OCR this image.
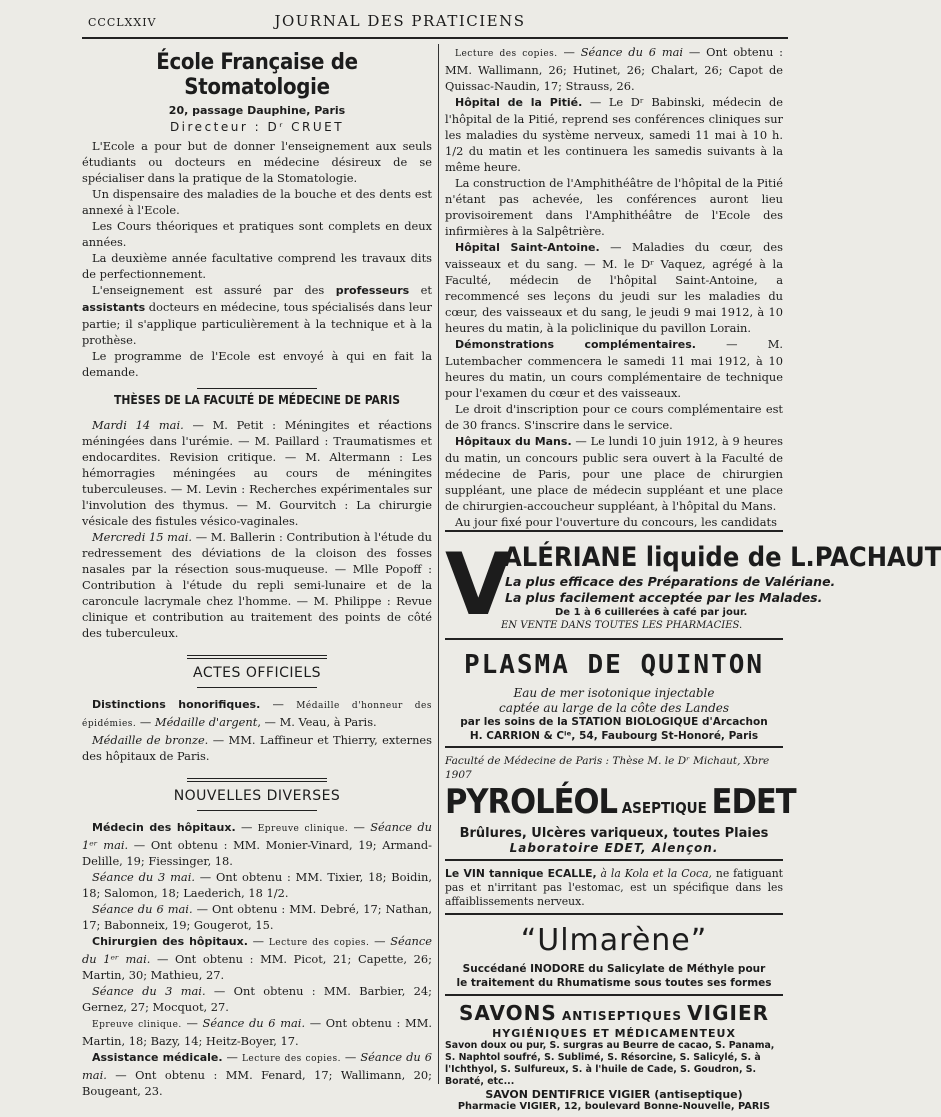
CCCLXXIV	JOURNAL DES PRATICIENS
École Française de Stomatologie
20, passage Dauphine, Paris
Directeur : Dʳ CRUET

L'Ecole a pour but de donner l'enseignement aux seuls étudiants ou docteurs en médecine désireux de se spécialiser dans la pratique de la Stomatologie.

Un dispensaire des maladies de la bouche et des dents est annexé à l'Ecole.

Les Cours théoriques et pratiques sont complets en deux années.

La deuxième année facultative comprend les travaux dits de perfectionnement.

L'enseignement est assuré par des professeurs et assistants docteurs en médecine, tous spécialisés dans leur partie; il s'applique particulièrement à la technique et à la prothèse.

Le programme de l'Ecole est envoyé à qui en fait la demande.

THÈSES DE LA FACULTÉ DE MÉDECINE DE PARIS

Mardi 14 mai. — M. Petit : Méningites et réactions méningées dans l'urémie. — M. Paillard : Traumatismes et endocardites. Revision critique. — M. Altermann : Les hémorragies méningées au cours de méningites tuberculeuses. — M. Levin : Recherches expérimentales sur l'involution des thymus. — M. Gourvitch : La chirurgie vésicale des fistules vésico-vaginales.

Mercredi 15 mai. — M. Ballerin : Contribution à l'étude du redressement des déviations de la cloison des fosses nasales par la résection sous-muqueuse. — Mlle Popoff : Contribution à l'étude du repli semi-lunaire et de la caroncule lacrymale chez l'homme. — M. Philippe : Revue clinique et contribution au traitement des points de côté des tuberculeux.

ACTES OFFICIELS

Distinctions honorifiques. — Médaille d'honneur des épidémies. — Médaille d'argent, — M. Veau, à Paris.

Médaille de bronze. — MM. Laffineur et Thierry, externes des hôpitaux de Paris.

NOUVELLES DIVERSES

Médecin des hôpitaux. — Epreuve clinique. — Séance du 1ᵉʳ mai. — Ont obtenu : MM. Monier-Vinard, 19; Armand-Delille, 19; Fiessinger, 18.

Séance du 3 mai. — Ont obtenu : MM. Tixier, 18; Boidin, 18; Salomon, 18; Laederich, 18 1/2.

Séance du 6 mai. — Ont obtenu : MM. Debré, 17; Nathan, 17; Babonneix, 19; Gougerot, 15.

Chirurgien des hôpitaux. — Lecture des copies. — Séance du 1ᵉʳ mai. — Ont obtenu : MM. Picot, 21; Capette, 26; Martin, 30; Mathieu, 27.

Séance du 3 mai. — Ont obtenu : MM. Barbier, 24; Gernez, 27; Mocquot, 27.

Epreuve clinique. — Séance du 6 mai. — Ont obtenu : MM. Martin, 18; Bazy, 14; Heitz-Boyer, 17.

Assistance médicale. — Lecture des copies. — Séance du 6 mai. — Ont obtenu : MM. Fenard, 17; Wallimann, 20; Bougeant, 23.

Lecture des copies. — Séance du 6 mai — Ont obtenu : MM. Wallimann, 26; Hutinet, 26; Chalart, 26; Capot de Quissac-Naudin, 17; Strauss, 26.

Hôpital de la Pitié. — Le Dʳ Babinski, médecin de l'hôpital de la Pitié, reprend ses conférences cliniques sur les maladies du système nerveux, samedi 11 mai à 10 h. 1/2 du matin et les continuera les samedis suivants à la même heure.

La construction de l'Amphithéâtre de l'hôpital de la Pitié n'étant pas achevée, les conférences auront lieu provisoirement dans l'Amphithéâtre de l'Ecole des infirmières à la Salpêtrière.

Hôpital Saint-Antoine. — Maladies du cœur, des vaisseaux et du sang. — M. le Dʳ Vaquez, agrégé à la Faculté, médecin de l'hôpital Saint-Antoine, a recommencé ses leçons du jeudi sur les maladies du cœur, des vaisseaux et du sang, le jeudi 9 mai 1912, à 10 heures du matin, à la policlinique du pavillon Lorain.

Démonstrations complémentaires. — M. Lutembacher commencera le samedi 11 mai 1912, à 10 heures du matin, un cours complémentaire de technique pour l'examen du cœur et des vaisseaux.

Le droit d'inscription pour ce cours complémentaire est de 30 francs. S'inscrire dans le service.

Hôpitaux du Mans. — Le lundi 10 juin 1912, à 9 heures du matin, un concours public sera ouvert à la Faculté de médecine de Paris, pour une place de chirurgien suppléant, une place de médecin suppléant et une place de chirurgien-accoucheur suppléant, à l'hôpital du Mans.

Au jour fixé pour l'ouverture du concours, les candidats

V
ALÉRIANE liquide de L.PACHAUT
La plus efficace des Préparations de Valériane.
La plus facilement acceptée par les Malades.
De 1 à 6 cuillerées à café par jour.
EN VENTE DANS TOUTES LES PHARMACIES.
PLASMA DE QUINTON
Eau de mer isotonique injectable
captée au large de la côte des Landes
par les soins de la STATION BIOLOGIQUE d'Arcachon
H. CARRION & Cⁱᵉ, 54, Faubourg St-Honoré, Paris
Faculté de Médecine de Paris : Thèse M. le Dʳ Michaut, Xbre 1907
PYROLÉOL ASEPTIQUE EDET
Brûlures, Ulcères variqueux, toutes Plaies
Laboratoire EDET, Alençon.

Le VIN tannique ECALLE, à la Kola et la Coca, ne fatiguant pas et n'irritant pas l'estomac, est un spécifique dans les affaiblissements nerveux.

“Ulmarène”
Succédané INODORE du Salicylate de Méthyle pour
le traitement du Rhumatisme sous toutes ses formes
SAVONS ANTISEPTIQUES VIGIER
HYGIÉNIQUES ET MÉDICAMENTEUX
Savon doux ou pur, S. surgras au Beurre de cacao, S. Panama, S. Naphtol soufré, S. Sublimé, S. Résorcine, S. Salicylé, S. à l'Ichthyol, S. Sulfureux, S. à l'huile de Cade, S. Goudron, S. Boraté, etc...
SAVON DENTIFRICE VIGIER (antiseptique)
Pharmacie VIGIER, 12, boulevard Bonne-Nouvelle, PARIS
